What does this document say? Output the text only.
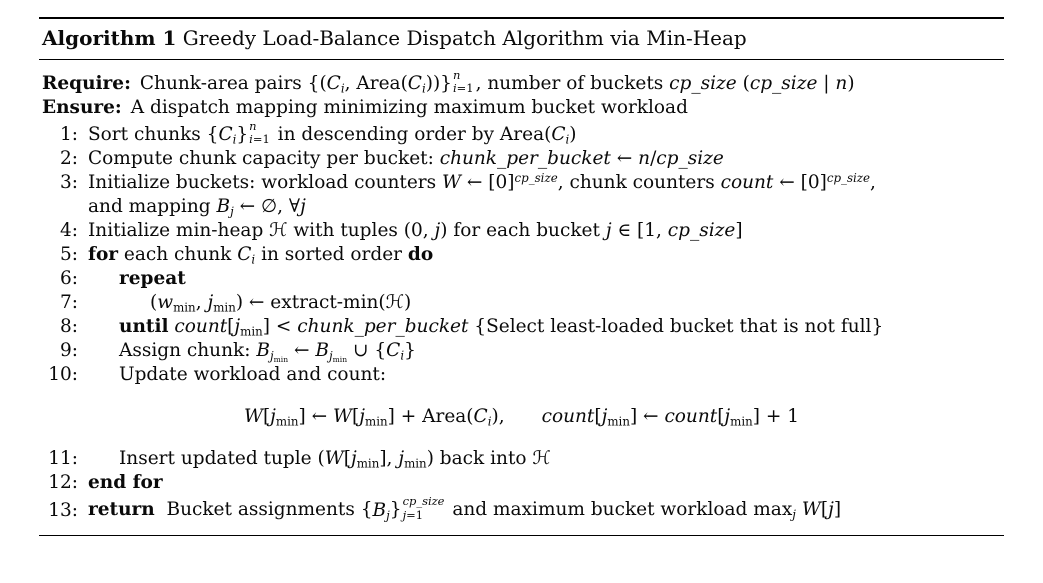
Algorithm 1 Greedy Load-Balance Dispatch Algorithm via Min-Heap
Require: Chunk-area pairs {($C_i$, $Area(C_i)$)} n
i=1 , number of buckets cp_size (cp_size | n)
Ensure: A dispatch mapping minimizing maximum bucket workload
1: Sort chunks $\{C_i\}$ n
i=1 in descending order by $Area(C_i)$
2: Compute chunk capacity per bucket: chunk_per_bucket ← n/cp_size
3: Initialize buckets: workload counters W ← $[0]^{cp\_size}$, chunk counters count ← $[0]^{cp\_size}$, and mapping $B_j$ ← ∅, ∀j
4: Initialize min-heap ℋ with tuples (0, j) for each bucket j ∈ [1, cp_size]
5: for each chunk $C_i$ in sorted order do
6:	repeat
7:	($w_{min}$, $j_{min}$) ← extract-min(ℋ)
8:	until $count[j_{min}]$ < chunk_per_bucket {Select least-loaded bucket that is not full}
9:	Assign chunk: $B_{j_{min}}$ ← $B_{j_{min}}$ ∪ $\{C_i\}$
10:	Update workload and count:
$W[j_{min}]$ ← $W[j_{min}]$ + $Area(C_i)$,  $count[j_{min}]$ ← $count[j_{min}] + 1$
11:	Insert updated tuple ($W[j_{min}]$, $j_{min}$) back into ℋ
12: end for
13: return  Bucket assignments $\{B_j\}$ cp_size
j=1	and maximum bucket workload $\max_j W[j]$
